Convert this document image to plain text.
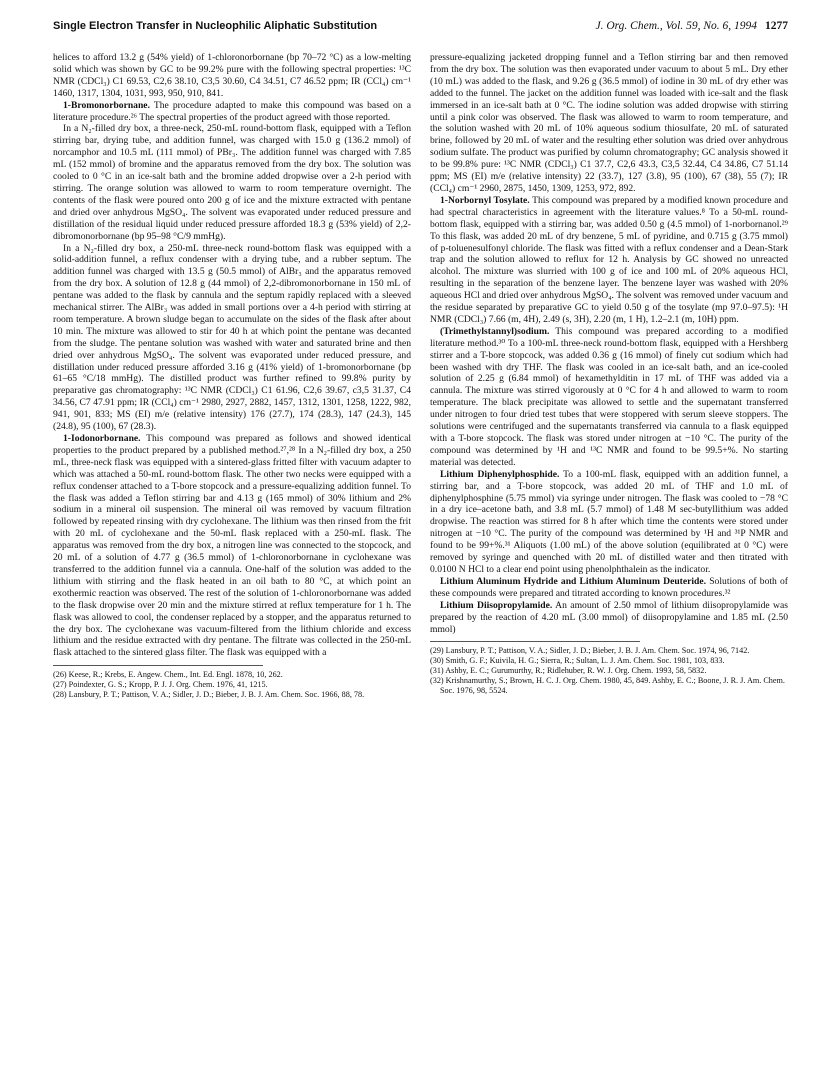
Single Electron Transfer in Nucleophilic Aliphatic Substitution	J. Org. Chem., Vol. 59, No. 6, 1994 1277

helices to afford 13.2 g (54% yield) of 1-chloronorbornane (bp 70–72 °C) as a low-melting solid which was shown by GC to be 99.2% pure with the following spectral properties: ¹³C NMR (CDCl₃) C1 69.53, C2,6 38.10, C3,5 30.60, C4 34.51, C7 46.52 ppm; IR (CCl₄) cm⁻¹ 1460, 1317, 1304, 1031, 993, 950, 910, 841.

1-Bromonorbornane. The procedure adapted to make this compound was based on a literature procedure.²⁶ The spectral properties of the product agreed with those reported.

In a N₂-filled dry box, a three-neck, 250-mL round-bottom flask, equipped with a Teflon stirring bar, drying tube, and addition funnel, was charged with 15.0 g (136.2 mmol) of norcamphor and 10.5 mL (111 mmol) of PBr₃. The addition funnel was charged with 7.85 mL (152 mmol) of bromine and the apparatus removed from the dry box. The solution was cooled to 0 °C in an ice-salt bath and the bromine added dropwise over a 2-h period with stirring. The orange solution was allowed to warm to room temperature overnight. The contents of the flask were poured onto 200 g of ice and the mixture extracted with pentane and dried over anhydrous MgSO₄. The solvent was evaporated under reduced pressure and distillation of the residual liquid under reduced pressure afforded 18.3 g (53% yield) of 2,2-dibromonorbornane (bp 95–98 °C/9 mmHg).

In a N₂-filled dry box, a 250-mL three-neck round-bottom flask was equipped with a solid-addition funnel, a reflux condenser with a drying tube, and a rubber septum. The addition funnel was charged with 13.5 g (50.5 mmol) of AlBr₃ and the apparatus removed from the dry box. A solution of 12.8 g (44 mmol) of 2,2-dibromonorbornane in 150 mL of pentane was added to the flask by cannula and the septum rapidly replaced with a sleeved mechanical stirrer. The AlBr₃ was added in small portions over a 4-h period with stirring at room temperature. A brown sludge began to accumulate on the sides of the flask after about 10 min. The mixture was allowed to stir for 40 h at which point the pentane was decanted from the sludge. The pentane solution was washed with water and saturated brine and then dried over anhydrous MgSO₄. The solvent was evaporated under reduced pressure, and distillation under reduced pressure afforded 3.16 g (41% yield) of 1-bromonorbornane (bp 61–65 °C/18 mmHg). The distilled product was further refined to 99.8% purity by preparative gas chromatography: ¹³C NMR (CDCl₃) C1 61.96, C2,6 39.67, c3,5 31.37, C4 34.56, C7 47.91 ppm; IR (CCl₄) cm⁻¹ 2980, 2927, 2882, 1457, 1312, 1301, 1258, 1222, 982, 941, 901, 833; MS (EI) m/e (relative intensity) 176 (27.7), 174 (28.3), 147 (24.3), 145 (24.8), 95 (100), 67 (28.3).

1-Iodonorbornane. This compound was prepared as follows and showed identical properties to the product prepared by a published method.²⁷,²⁸ In a N₂-filled dry box, a 250 mL, three-neck flask was equipped with a sintered-glass fritted filter with vacuum adapter to which was attached a 50-mL round-bottom flask. The other two necks were equipped with a reflux condenser attached to a T-bore stopcock and a pressure-equalizing addition funnel. To the flask was added a Teflon stirring bar and 4.13 g (165 mmol) of 30% lithium and 2% sodium in a mineral oil suspension. The mineral oil was removed by vacuum filtration followed by repeated rinsing with dry cyclohexane. The lithium was then rinsed from the frit with 20 mL of cyclohexane and the 50-mL flask replaced with a 250-mL flask. The apparatus was removed from the dry box, a nitrogen line was connected to the stopcock, and 20 mL of a solution of 4.77 g (36.5 mmol) of 1-chloronorbornane in cyclohexane was transferred to the addition funnel via a cannula. One-half of the solution was added to the lithium with stirring and the flask heated in an oil bath to 80 °C, at which point an exothermic reaction was observed. The rest of the solution of 1-chloronorbornane was added to the flask dropwise over 20 min and the mixture stirred at reflux temperature for 1 h. The flask was allowed to cool, the condenser replaced by a stopper, and the apparatus returned to the dry box. The cyclohexane was vacuum-filtered from the lithium chloride and excess lithium and the residue extracted with dry pentane. The filtrate was collected in the 250-mL flask attached to the sintered glass filter. The flask was equipped with a

(26) Keese, R.; Krebs, E. Angew. Chem., Int. Ed. Engl. 1878, 10, 262.
(27) Poindexter, G. S.; Kropp, P. J. J. Org. Chem. 1976, 41, 1215.
(28) Lansbury, P. T.; Pattison, V. A.; Sidler, J. D.; Bieber, J. B. J. Am. Chem. Soc. 1966, 88, 78.

pressure-equalizing jacketed dropping funnel and a Teflon stirring bar and then removed from the dry box. The solution was then evaporated under vacuum to about 5 mL. Dry ether (10 mL) was added to the flask, and 9.26 g (36.5 mmol) of iodine in 30 mL of dry ether was added to the funnel. The jacket on the addition funnel was loaded with ice-salt and the flask immersed in an ice-salt bath at 0 °C. The iodine solution was added dropwise with stirring until a pink color was observed. The flask was allowed to warm to room temperature, and the solution washed with 20 mL of 10% aqueous sodium thiosulfate, 20 mL of saturated brine, followed by 20 mL of water and the resulting ether solution was dried over anhydrous sodium sulfate. The product was purified by column chromatography; GC analysis showed it to be 99.8% pure: ¹³C NMR (CDCl₃) C1 37.7, C2,6 43.3, C3,5 32.44, C4 34.86, C7 51.14 ppm; MS (EI) m/e (relative intensity) 22 (33.7), 127 (3.8), 95 (100), 67 (38), 55 (7); IR (CCl₄) cm⁻¹ 2960, 2875, 1450, 1309, 1253, 972, 892.

1-Norbornyl Tosylate. This compound was prepared by a modified known procedure and had spectral characteristics in agreement with the literature values.⁸ To a 50-mL round-bottom flask, equipped with a stirring bar, was added 0.50 g (4.5 mmol) of 1-norbornanol.²⁹ To this flask, was added 20 mL of dry benzene, 5 mL of pyridine, and 0.715 g (3.75 mmol) of p-toluenesulfonyl chloride. The flask was fitted with a reflux condenser and a Dean-Stark trap and the solution allowed to reflux for 12 h. Analysis by GC showed no unreacted alcohol. The mixture was slurried with 100 g of ice and 100 mL of 20% aqueous HCl, resulting in the separation of the benzene layer. The benzene layer was washed with 20% aqueous HCl and dried over anhydrous MgSO₄. The solvent was removed under vacuum and the residue separated by preparative GC to yield 0.50 g of the tosylate (mp 97.0–97.5): ¹H NMR (CDCl₃) 7.66 (m, 4H), 2.49 (s, 3H), 2.20 (m, 1 H), 1.2–2.1 (m, 10H) ppm.

(Trimethylstannyl)sodium. This compound was prepared according to a modified literature method.³⁰ To a 100-mL three-neck round-bottom flask, equipped with a Hershberg stirrer and a T-bore stopcock, was added 0.36 g (16 mmol) of finely cut sodium which had been washed with dry THF. The flask was cooled in an ice-salt bath, and an ice-cooled solution of 2.25 g (6.84 mmol) of hexamethylditin in 17 mL of THF was added via a cannula. The mixture was stirred vigorously at 0 °C for 4 h and allowed to warm to room temperature. The black precipitate was allowed to settle and the supernatant transferred under nitrogen to four dried test tubes that were stoppered with serum sleeve stoppers. The solutions were centrifuged and the supernatants transferred via cannula to a flask equipped with a T-bore stopcock. The flask was stored under nitrogen at −10 °C. The purity of the compound was determined by ¹H and ¹³C NMR and found to be 99.5+%. No starting material was detected.

Lithium Diphenylphosphide. To a 100-mL flask, equipped with an addition funnel, a stirring bar, and a T-bore stopcock, was added 20 mL of THF and 1.0 mL of diphenylphosphine (5.75 mmol) via syringe under nitrogen. The flask was cooled to −78 °C in a dry ice–acetone bath, and 3.8 mL (5.7 mmol) of 1.48 M sec-butyllithium was added dropwise. The reaction was stirred for 8 h after which time the contents were stored under nitrogen at −10 °C. The purity of the compound was determined by ¹H and ³¹P NMR and found to be 99+%.³¹ Aliquots (1.00 mL) of the above solution (equilibrated at 0 °C) were removed by syringe and quenched with 20 mL of distilled water and then titrated with 0.0100 N HCl to a clear end point using phenolphthalein as the indicator.

Lithium Aluminum Hydride and Lithium Aluminum Deuteride. Solutions of both of these compounds were prepared and titrated according to known procedures.³²

Lithium Diisopropylamide. An amount of 2.50 mmol of lithium diisopropylamide was prepared by the reaction of 4.20 mL (3.00 mmol) of diisopropylamine and 1.85 mL (2.50 mmol)

(29) Lansbury, P. T.; Pattison, V. A.; Sidler, J. D.; Bieber, J. B. J. Am. Chem. Soc. 1974, 96, 7142.
(30) Smith, G. F.; Kuivila, H. G.; Sierra, R.; Sultan, L. J. Am. Chem. Soc. 1981, 103, 833.
(31) Ashby, E. C.; Gurumurthy, R.; Ridlehuber, R. W. J. Org. Chem. 1993, 58, 5832.
(32) Krishnamurthy, S.; Brown, H. C. J. Org. Chem. 1980, 45, 849. Ashby, E. C.; Boone, J. R. J. Am. Chem. Soc. 1976, 98, 5524.
